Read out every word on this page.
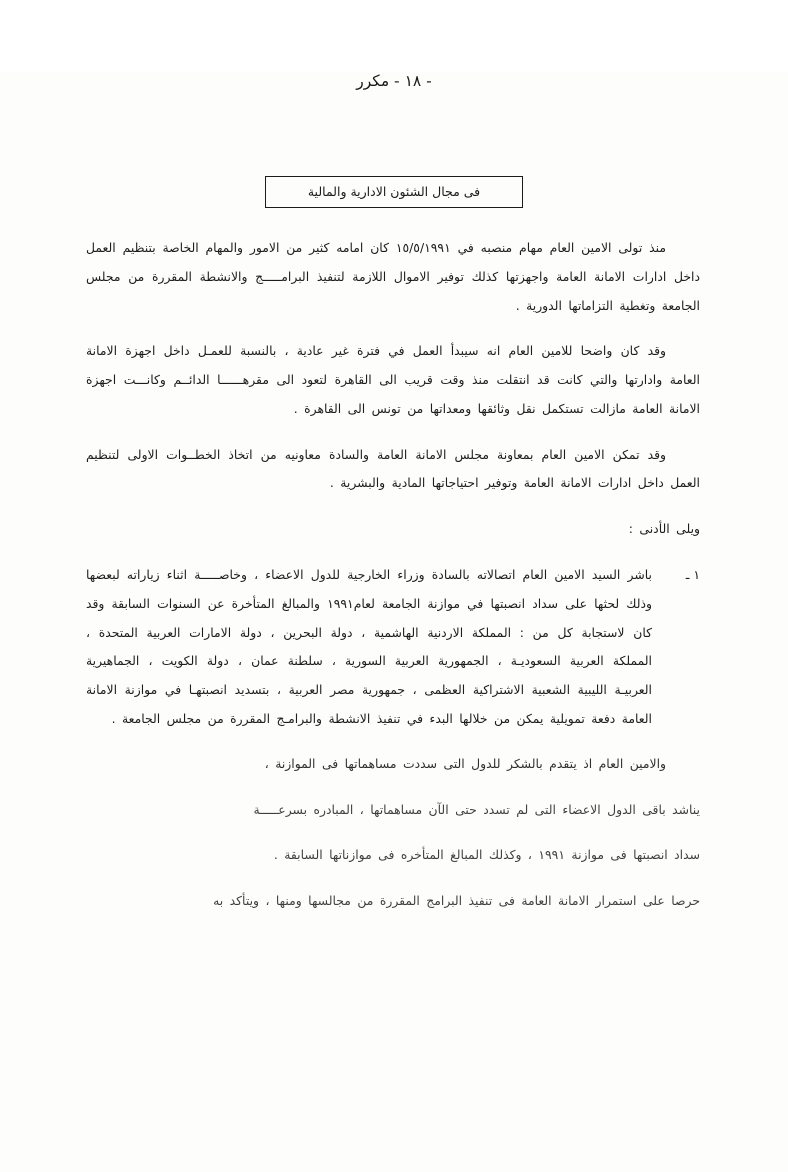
- ١٨ - مكرر
فى مجال الشئون الادارية والمالية

منذ تولى الامين العام مهام منصبه في ١٥/٥/١٩٩١ كان امامه كثير من الامور والمهام الخاصة بتنظيم العمل داخل ادارات الامانة العامة واجهزتها كذلك توفير الاموال اللازمة لتنفيذ البرامـــــج والانشطة المقررة من مجلس الجامعة وتغطية التزاماتها الدورية .

وقد كان واضحا للامين العام انه سيبدأ العمل في فترة غير عادية ، بالنسبة للعمـل داخل اجهزة الامانة العامة وادارتها والتي كانت قد انتقلت منذ وقت قريب الى القاهرة لتعود الى مقرهــــــا الدائــم وكانـــت اجهزة الامانة العامة مازالت تستكمل نقل وثائقها ومعداتها من تونس الى القاهرة .

وقد تمكن الامين العام بمعاونة مجلس الامانة العامة والسادة معاونيه من اتخاذ الخطــوات الاولى لتنظيم العمل داخل ادارات الامانة العامة وتوفير احتياجاتها المادية والبشرية .

ويلى الأدنى :

١ ـ

باشر السيد الامين العام اتصالاته بالسادة وزراء الخارجية للدول الاعضاء ، وخاصـــــة اثناء زياراته لبعضها وذلك لحثها على سداد انصبتها في موازنة الجامعة لعام١٩٩١ والمبالغ المتأخرة عن السنوات السابقة وقد كان لاستجابة كل من : المملكة الاردنية الهاشمية ، دولة البحرين ، دولة الامارات العربية المتحدة ، المملكة العربية السعوديـة ، الجمهورية العربية السورية ، سلطنة عمان ، دولة الكويت ، الجماهيرية العربيـة الليبية الشعبية الاشتراكية العظمى ، جمهورية مصر العربية ، بتسديد انصبتهـا في موازنة الامانة العامة دفعة تمويلية يمكن من خلالها البدء في تنفيذ الانشطة والبرامـج المقررة من مجلس الجامعة .

والامين العام اذ يتقدم بالشكر للدول التى سددت مساهماتها فى الموازنة ،

يناشد باقى الدول الاعضاء التى لم تسدد حتى الآن مساهماتها ، المبادره بسرعـــــة

سداد انصبتها فى موازنة ١٩٩١ ، وكذلك المبالغ المتأخره فى موازناتها السابقة .

حرصا على استمرار الامانة العامة فى تنفيذ البرامج المقررة من مجالسها ومنها ، ويتأكد به
